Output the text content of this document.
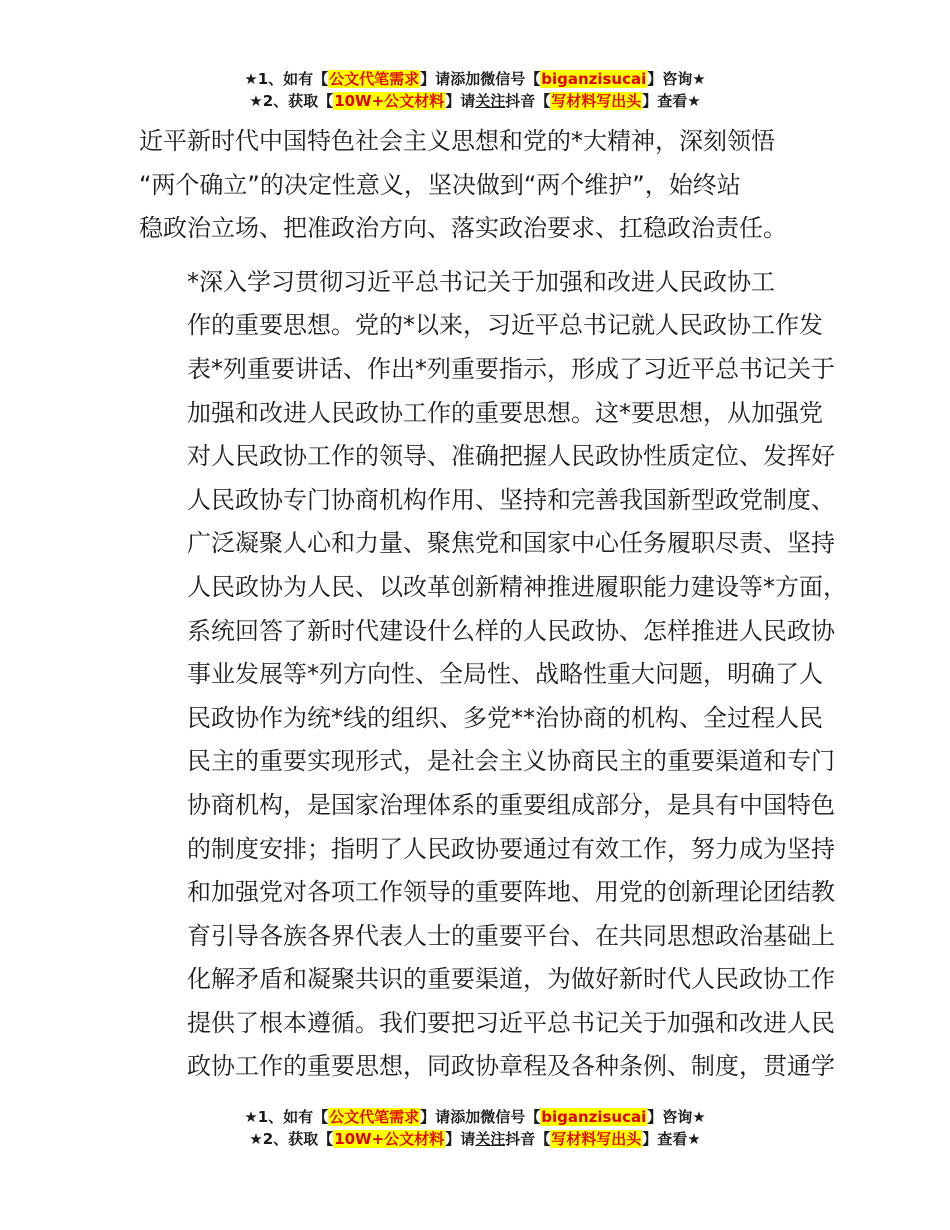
★1、如有【公文代笔需求】请添加微信号【biganzisucai】咨询★
★2、获取【10W+公文材料】请关注抖音【写材料写出头】查看★

近平新时代中国特色社会主义思想和党的*大精神，深刻领悟
“两个确立”的决定性意义，坚决做到“两个维护”，始终站
稳政治立场、把准政治方向、落实政治要求、扛稳政治责任。

*深入学习贯彻习近平总书记关于加强和改进人民政协工
作的重要思想。党的*以来，习近平总书记就人民政协工作发
表*列重要讲话、作出*列重要指示，形成了习近平总书记关于
加强和改进人民政协工作的重要思想。这*要思想，从加强党
对人民政协工作的领导、准确把握人民政协性质定位、发挥好
人民政协专门协商机构作用、坚持和完善我国新型政党制度、
广泛凝聚人心和力量、聚焦党和国家中心任务履职尽责、坚持
人民政协为人民、以改革创新精神推进履职能力建设等*方面，
系统回答了新时代建设什么样的人民政协、怎样推进人民政协
事业发展等*列方向性、全局性、战略性重大问题，明确了人
民政协作为统*线的组织、多党**治协商的机构、全过程人民
民主的重要实现形式，是社会主义协商民主的重要渠道和专门
协商机构，是国家治理体系的重要组成部分，是具有中国特色
的制度安排；指明了人民政协要通过有效工作，努力成为坚持
和加强党对各项工作领导的重要阵地、用党的创新理论团结教
育引导各族各界代表人士的重要平台、在共同思想政治基础上
化解矛盾和凝聚共识的重要渠道，为做好新时代人民政协工作
提供了根本遵循。我们要把习近平总书记关于加强和改进人民
政协工作的重要思想，同政协章程及各种条例、制度，贯通学

★1、如有【公文代笔需求】请添加微信号【biganzisucai】咨询★
★2、获取【10W+公文材料】请关注抖音【写材料写出头】查看★
